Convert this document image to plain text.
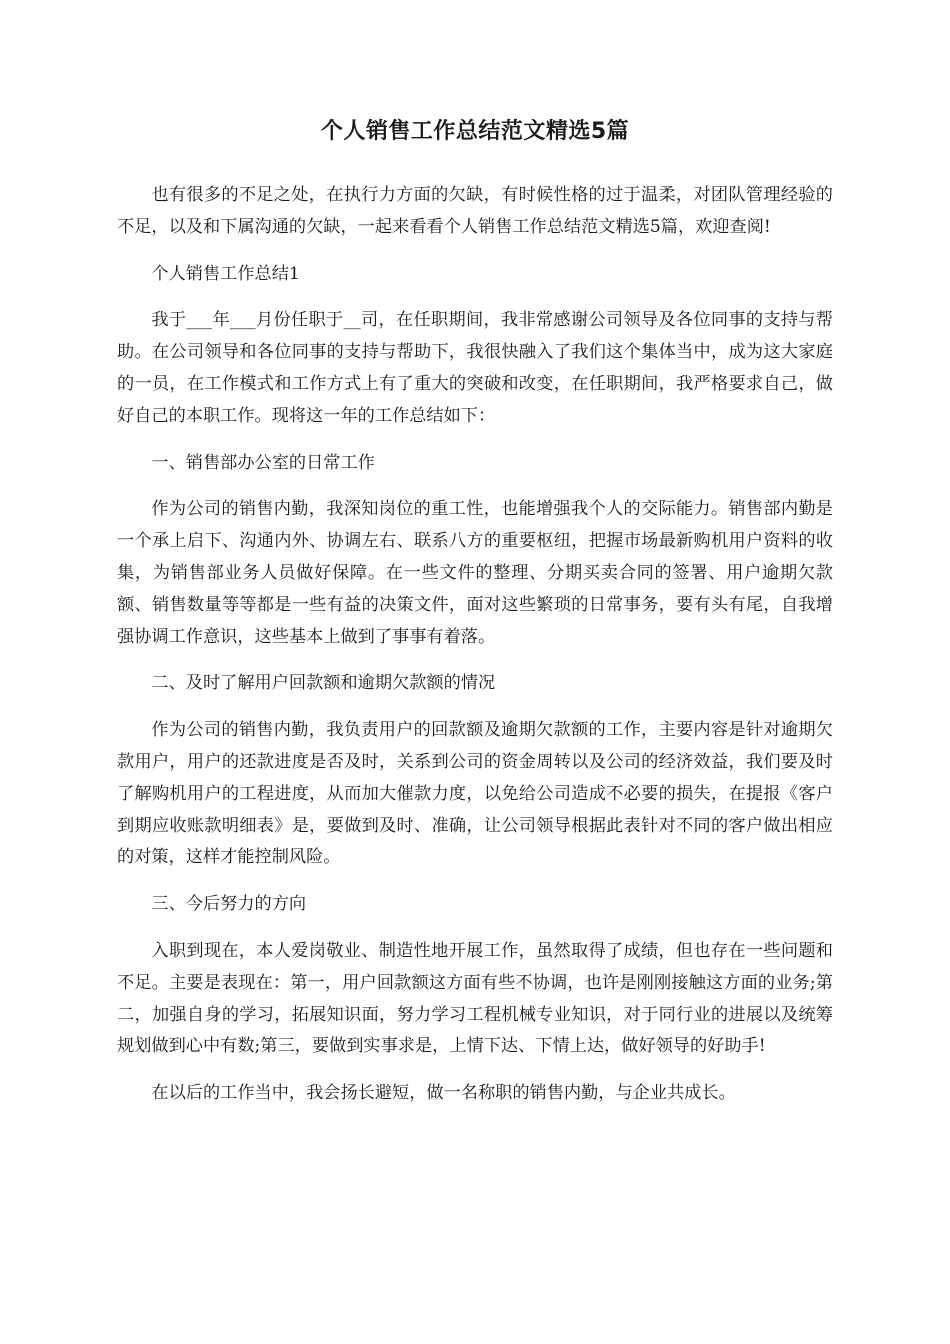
个人销售工作总结范文精选5篇

也有很多的不足之处，在执行力方面的欠缺，有时候性格的过于温柔，对团队管理经验的不足，以及和下属沟通的欠缺，一起来看看个人销售工作总结范文精选5篇，欢迎查阅!

个人销售工作总结1

我于___年___月份任职于__司，在任职期间，我非常感谢公司领导及各位同事的支持与帮助。在公司领导和各位同事的支持与帮助下，我很快融入了我们这个集体当中，成为这大家庭的一员，在工作模式和工作方式上有了重大的突破和改变，在任职期间，我严格要求自己，做好自己的本职工作。现将这一年的工作总结如下：

一、销售部办公室的日常工作

作为公司的销售内勤，我深知岗位的重工性，也能增强我个人的交际能力。销售部内勤是一个承上启下、沟通内外、协调左右、联系八方的重要枢纽，把握市场最新购机用户资料的收集，为销售部业务人员做好保障。在一些文件的整理、分期买卖合同的签署、用户逾期欠款额、销售数量等等都是一些有益的决策文件，面对这些繁琐的日常事务，要有头有尾，自我增强协调工作意识，这些基本上做到了事事有着落。

二、及时了解用户回款额和逾期欠款额的情况

作为公司的销售内勤，我负责用户的回款额及逾期欠款额的工作，主要内容是针对逾期欠款用户，用户的还款进度是否及时，关系到公司的资金周转以及公司的经济效益，我们要及时了解购机用户的工程进度，从而加大催款力度，以免给公司造成不必要的损失，在提报《客户到期应收账款明细表》是，要做到及时、准确，让公司领导根据此表针对不同的客户做出相应的对策，这样才能控制风险。

三、今后努力的方向

入职到现在，本人爱岗敬业、制造性地开展工作，虽然取得了成绩，但也存在一些问题和不足。主要是表现在：第一，用户回款额这方面有些不协调，也许是刚刚接触这方面的业务;第二，加强自身的学习，拓展知识面，努力学习工程机械专业知识，对于同行业的进展以及统筹规划做到心中有数;第三，要做到实事求是，上情下达、下情上达，做好领导的好助手!

在以后的工作当中，我会扬长避短，做一名称职的销售内勤，与企业共成长。
